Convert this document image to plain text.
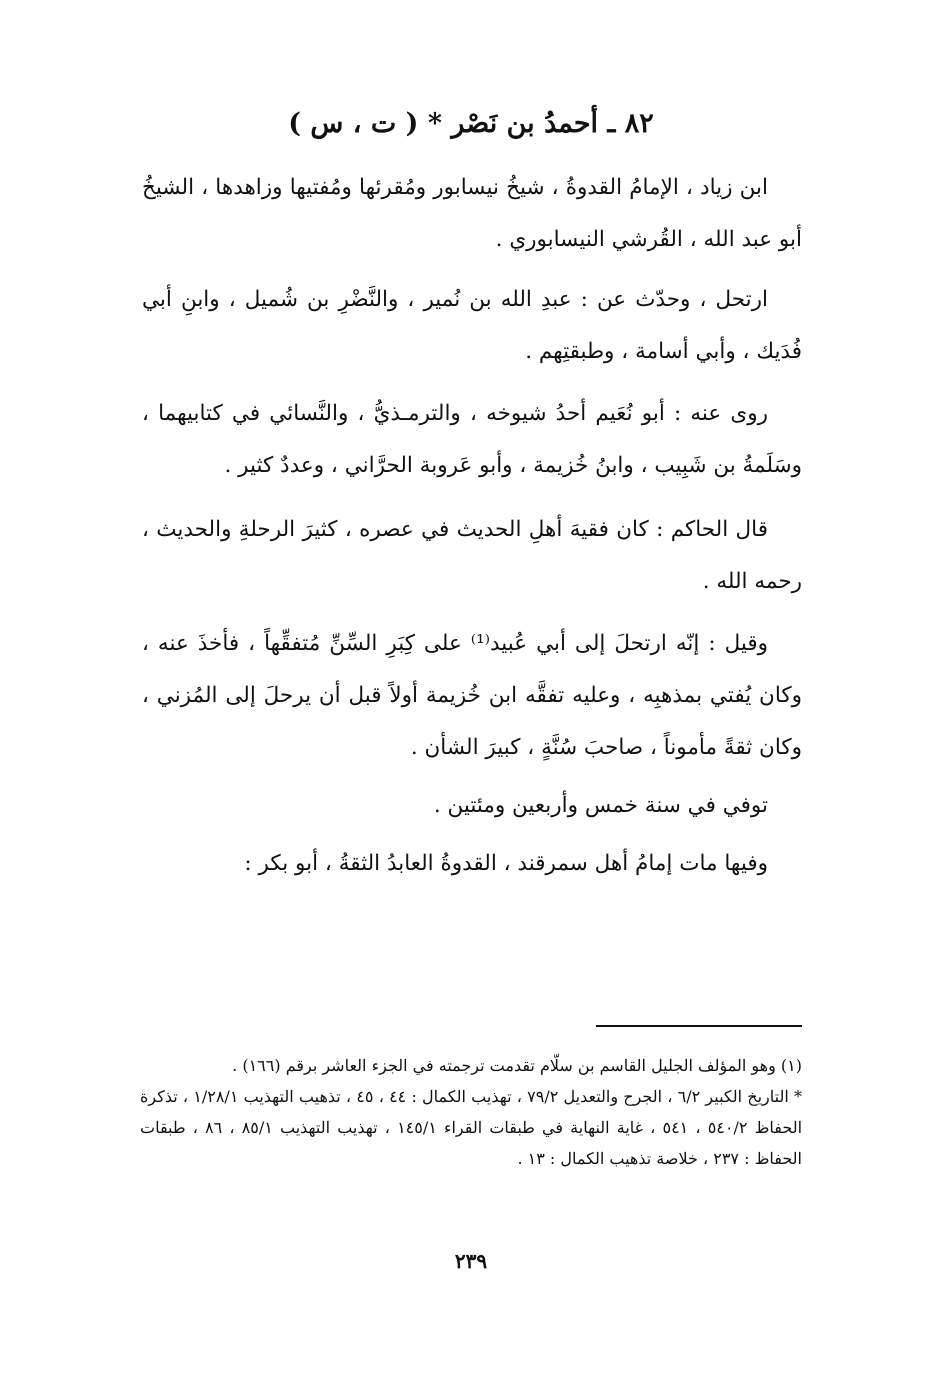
٨٢ ـ أحمدُ بن نَصْر * ( ت ، س )

ابن زياد ، الإمامُ القدوةُ ، شيخُ نيسابور ومُقرئها ومُفتيها وزاهدها ، الشيخُ أبو عبد الله ، القُرشي النيسابوري .

ارتحل ، وحدّث عن : عبدِ الله بن نُمير ، والنَّضْرِ بن شُميل ، وابنِ أبي فُدَيك ، وأبي أسامة ، وطبقتِهم .

روى عنه : أبو نُعَيم أحدُ شيوخه ، والترمـذيُّ ، والنَّسائي في كتابيهما ، وسَلَمةُ بن شَبِيب ، وابنُ خُزيمة ، وأبو عَروبة الحرَّاني ، وعددٌ كثير .

قال الحاكم : كان فقيهَ أهلِ الحديث في عصره ، كثيرَ الرحلةِ والحديث ، رحمه الله .

وقيل : إنّه ارتحلَ إلى أبي عُبيد⁽¹⁾ على كِبَرِ السِّنِّ مُتفقِّهاً ، فأخذَ عنه ، وكان يُفتي بمذهبِه ، وعليه تفقَّه ابن خُزيمة أولاً قبل أن يرحلَ إلى المُزني ، وكان ثقةً مأموناً ، صاحبَ سُنَّةٍ ، كبيرَ الشأن .

توفي في سنة خمس وأربعين ومئتين .

وفيها مات إمامُ أهل سمرقند ، القدوةُ العابدُ الثقةُ ، أبو بكر :

(١) وهو المؤلف الجليل القاسم بن سلّام تقدمت ترجمته في الجزء العاشر برقم (١٦٦) .

* التاريخ الكبير ٦/٢ ، الجرح والتعديل ٧٩/٢ ، تهذيب الكمال : ٤٤ ، ٤٥ ، تذهيب التهذيب ١/٢٨/١ ، تذكرة الحفاظ ٥٤٠/٢ ، ٥٤١ ، غاية النهاية في طبقات القراء ١٤٥/١ ، تهذيب التهذيب ٨٥/١ ، ٨٦ ، طبقات الحفاظ : ٢٣٧ ، خلاصة تذهيب الكمال : ١٣ .

٢٣٩
